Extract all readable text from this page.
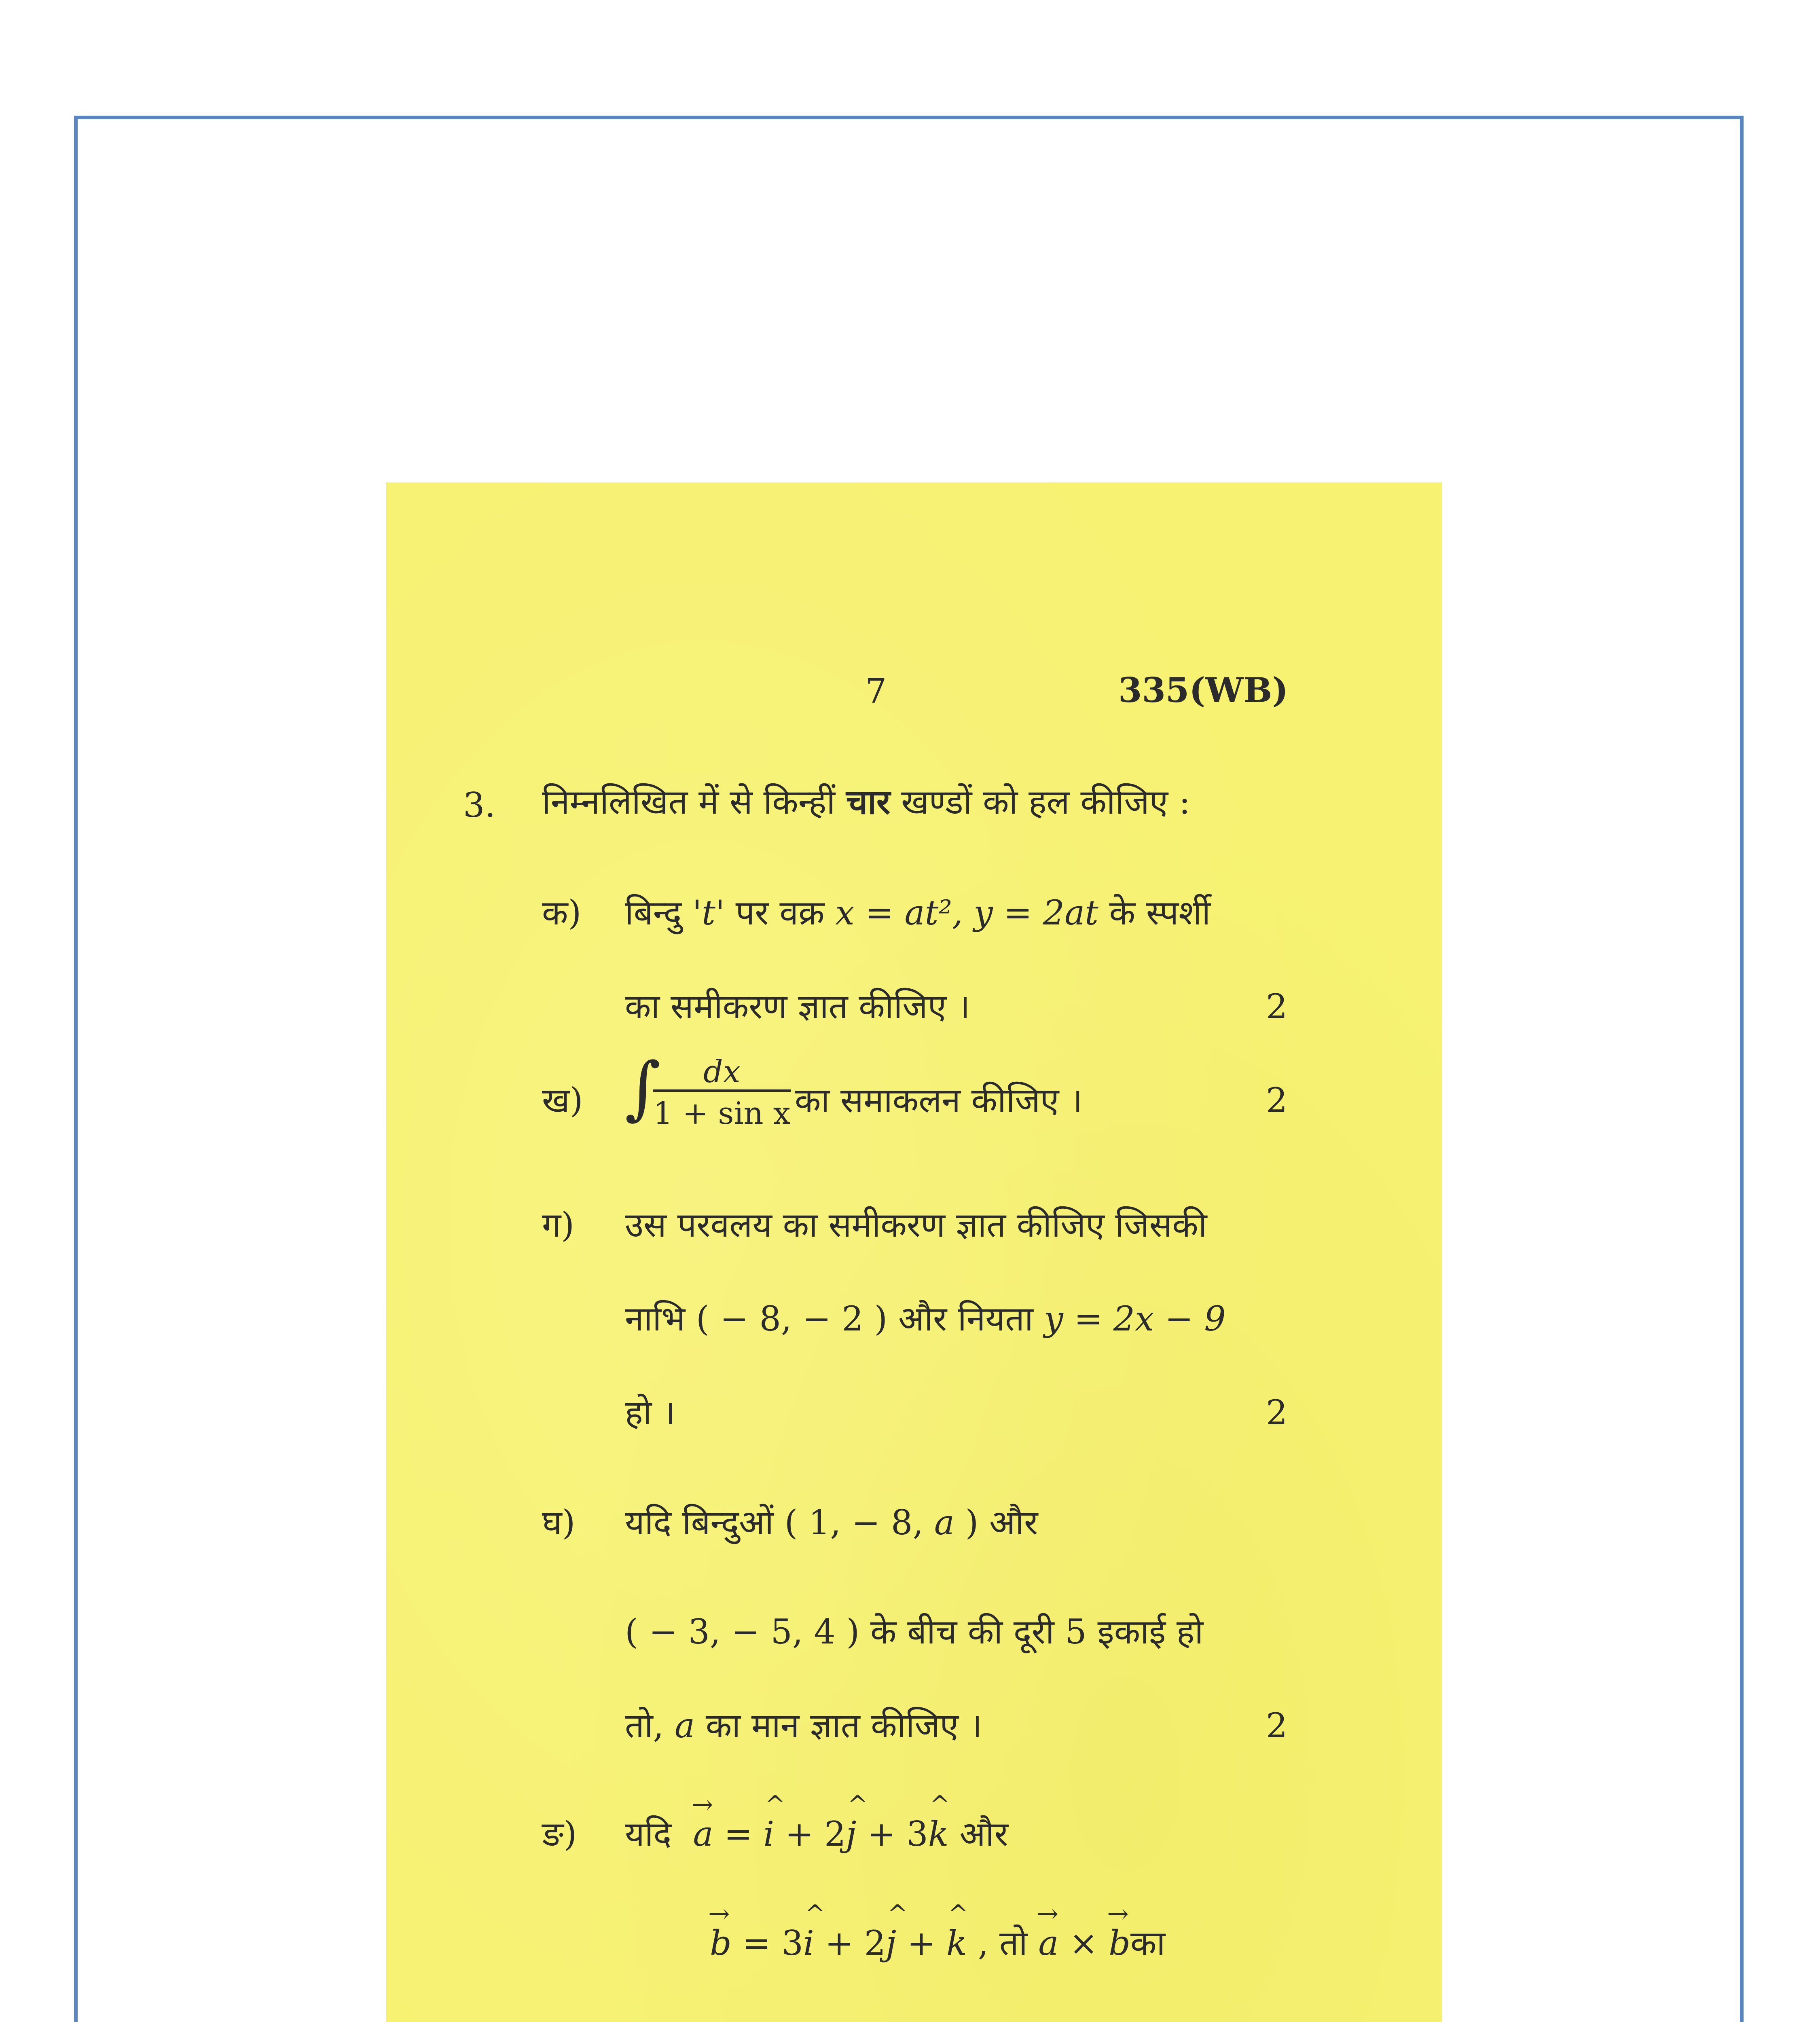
7	335(WB)
3. निम्नलिखित में से किन्हीं चार खण्डों को हल कीजिए :
क) बिन्दु 't' पर वक्र x = at², y = 2at के स्पर्शी
का समीकरण ज्ञात कीजिए ।	2
ख) ∫
$\frac{dx}{\text{1 + sin x}}$ का समाकलन कीजिए ।	2
ग) उस परवलय का समीकरण ज्ञात कीजिए जिसकी
नाभि ( − 8, − 2 ) और नियता y = 2x − 9
हो ।	2
घ) यदि बिन्दुओं ( 1, − 8, a ) और
( − 3, − 5, 4 ) के बीच की दूरी 5 इकाई हो
तो, a का मान ज्ञात कीजिए ।	2
ङ) यदि
→
a =
^
i + 2
^
j + 3
^
k और
→
b = 3
^
i + 2
^
j +
^
k , तो
→
a ×
→
bका
